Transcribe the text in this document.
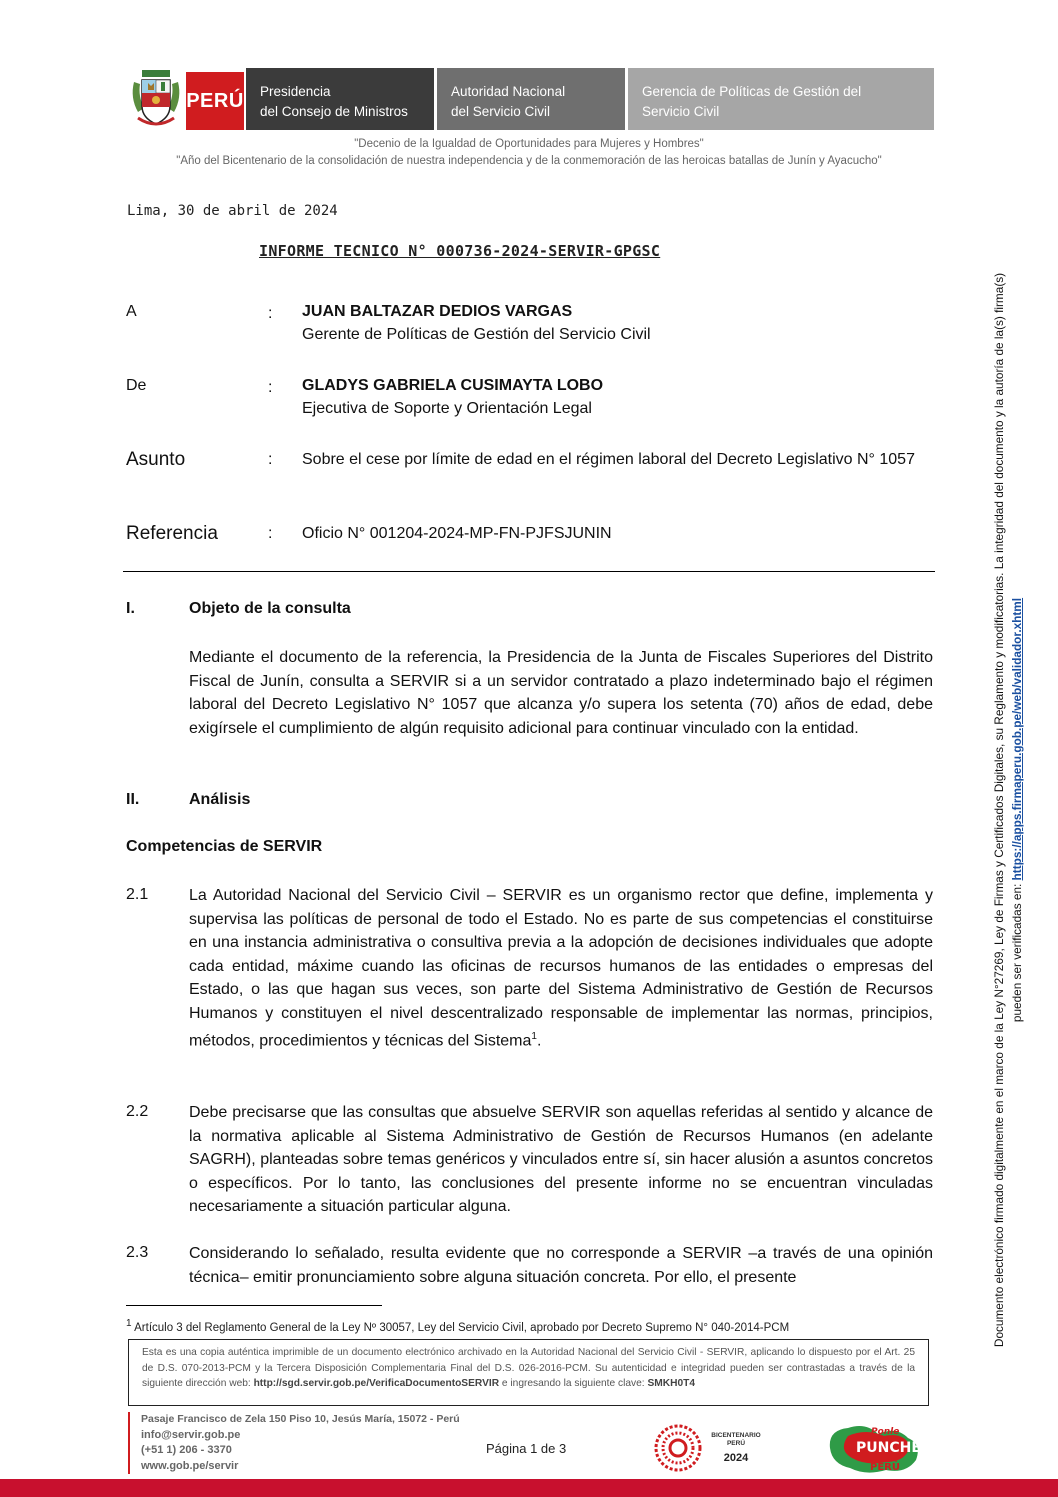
PERÚ Presidencia
del Consejo de Ministros
Autoridad Nacional
del Servicio Civil
Gerencia de Políticas de Gestión del
Servicio Civil
"Decenio de la Igualdad de Oportunidades para Mujeres y Hombres"
"Año del Bicentenario de la consolidación de nuestra independencia y de la conmemoración de las heroicas batallas de Junín y Ayacucho"
Lima, 30 de abril de 2024
INFORME TECNICO N° 000736-2024-SERVIR-GPGSC
A	: JUAN BALTAZAR DEDIOS VARGAS
Gerente de Políticas de Gestión del Servicio Civil
De	: GLADYS GABRIELA CUSIMAYTA LOBO
Ejecutiva de Soporte y Orientación Legal
Asunto	: Sobre el cese por límite de edad en el régimen laboral del Decreto Legislativo N° 1057
Referencia	: Oficio N° 001204-2024-MP-FN-PJFSJUNIN
I.	Objeto de la consulta
Mediante el documento de la referencia, la Presidencia de la Junta de Fiscales Superiores del Distrito Fiscal de Junín, consulta a SERVIR si a un servidor contratado a plazo indeterminado bajo el régimen laboral del Decreto Legislativo N° 1057 que alcanza y/o supera los setenta (70) años de edad, debe exigírsele el cumplimiento de algún requisito adicional para continuar vinculado con la entidad.
II.	Análisis
Competencias de SERVIR
2.1	La Autoridad Nacional del Servicio Civil – SERVIR es un organismo rector que define, implementa y supervisa las políticas de personal de todo el Estado. No es parte de sus competencias el constituirse en una instancia administrativa o consultiva previa a la adopción de decisiones individuales que adopte cada entidad, máxime cuando las oficinas de recursos humanos de las entidades o empresas del Estado, o las que hagan sus veces, son parte del Sistema Administrativo de Gestión de Recursos Humanos y constituyen el nivel descentralizado responsable de implementar las normas, principios, métodos, procedimientos y técnicas del Sistema$^1$.
2.2	Debe precisarse que las consultas que absuelve SERVIR son aquellas referidas al sentido y alcance de la normativa aplicable al Sistema Administrativo de Gestión de Recursos Humanos (en adelante SAGRH), planteadas sobre temas genéricos y vinculados entre sí, sin hacer alusión a asuntos concretos o específicos. Por lo tanto, las conclusiones del presente informe no se encuentran vinculadas necesariamente a situación particular alguna.
2.3	Considerando lo señalado, resulta evidente que no corresponde a SERVIR –a través de una opinión técnica– emitir pronunciamiento sobre alguna situación concreta. Por ello, el presente
$^1$ Artículo 3 del Reglamento General de la Ley Nº 30057, Ley del Servicio Civil, aprobado por Decreto Supremo N° 040-2014-PCM
Esta es una copia auténtica imprimible de un documento electrónico archivado en la Autoridad Nacional del Servicio Civil - SERVIR, aplicando lo dispuesto por el Art. 25 de D.S. 070-2013-PCM y la Tercera Disposición Complementaria Final del D.S. 026-2016-PCM. Su autenticidad e integridad pueden ser contrastadas a través de la siguiente dirección web: http://sgd.servir.gob.pe/VerificaDocumentoSERVIR e ingresando la siguiente clave: SMKH0T4
Pasaje Francisco de Zela 150 Piso 10, Jesús María, 15072 - Perú
info@servir.gob.pe
(+51 1) 206 - 3370
www.gob.pe/servir
Página 1 de 3
BICENTENARIO PERÚ
2024
Ponle
PUNCHE
PERÚ
Documento electrónico firmado digitalmente en el marco de la Ley N°27269, Ley de Firmas y Certificados Digitales, su Reglamento y modificatorias. La integridad del documento y la autoría de la(s) firma(s) pueden ser verificadas en: https://apps.firmaperu.gob.pe/web/validador.xhtml
